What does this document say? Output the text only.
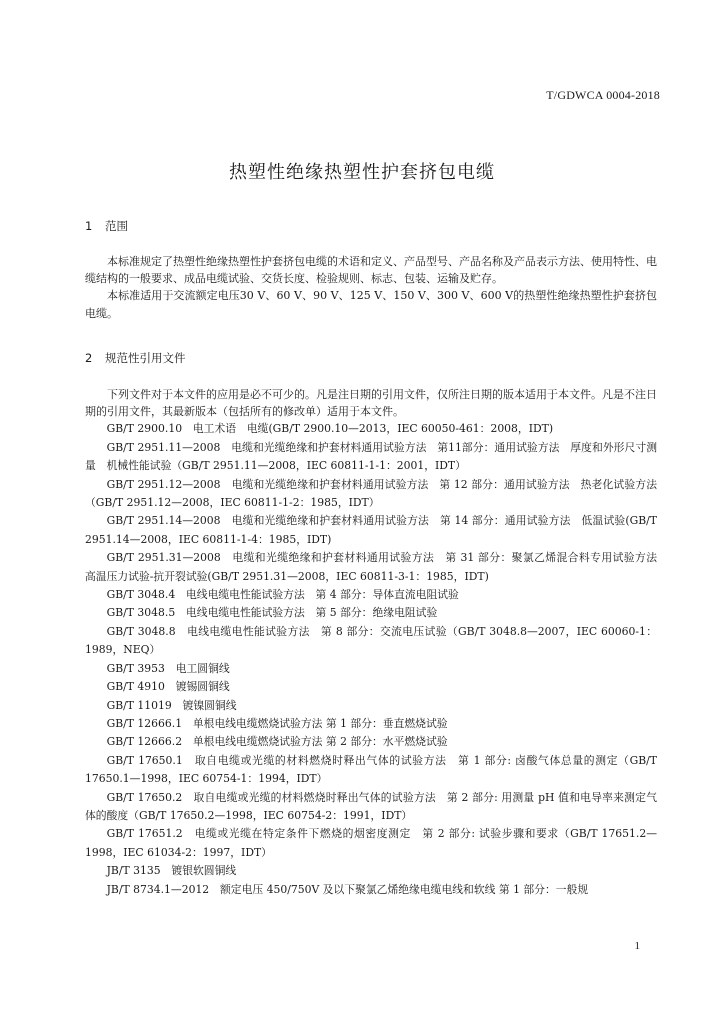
T/GDWCA 0004-2018
热塑性绝缘热塑性护套挤包电缆
1 范围

本标准规定了热塑性绝缘热塑性护套挤包电缆的术语和定义、产品型号、产品名称及产品表示方法、使用特性、电缆结构的一般要求、成品电缆试验、交货长度、检验规则、标志、包装、运输及贮存。

本标准适用于交流额定电压30 V、60 V、90 V、125 V、150 V、300 V、600 V的热塑性绝缘热塑性护套挤包电缆。

2 规范性引用文件

下列文件对于本文件的应用是必不可少的。凡是注日期的引用文件，仅所注日期的版本适用于本文件。凡是不注日期的引用文件，其最新版本（包括所有的修改单）适用于本文件。

GB/T 2900.10　电工术语　电缆(GB/T 2900.10—2013，IEC 60050-461：2008，IDT)

GB/T 2951.11—2008　电缆和光缆绝缘和护套材料通用试验方法　第11部分：通用试验方法　厚度和外形尺寸测量　机械性能试验（GB/T 2951.11—2008，IEC 60811-1-1：2001，IDT）

GB/T 2951.12—2008　电缆和光缆绝缘和护套材料通用试验方法　第 12 部分：通用试验方法　热老化试验方法（GB/T 2951.12—2008，IEC 60811-1-2：1985，IDT）

GB/T 2951.14—2008　电缆和光缆绝缘和护套材料通用试验方法　第 14 部分：通用试验方法　低温试验(GB/T 2951.14—2008，IEC 60811-1-4：1985，IDT)

GB/T 2951.31—2008　电缆和光缆绝缘和护套材料通用试验方法　第 31 部分：聚氯乙烯混合料专用试验方法　高温压力试验-抗开裂试验(GB/T 2951.31—2008，IEC 60811-3-1：1985，IDT)

GB/T 3048.4　电线电缆电性能试验方法　第 4 部分：导体直流电阻试验

GB/T 3048.5　电线电缆电性能试验方法　第 5 部分：绝缘电阻试验

GB/T 3048.8　电线电缆电性能试验方法　第 8 部分：交流电压试验（GB/T 3048.8—2007，IEC 60060-1：1989，NEQ）

GB/T 3953　电工圆铜线

GB/T 4910　镀锡圆铜线

GB/T 11019　镀镍圆铜线

GB/T 12666.1　单根电线电缆燃烧试验方法 第 1 部分：垂直燃烧试验

GB/T 12666.2　单根电线电缆燃烧试验方法 第 2 部分：水平燃烧试验

GB/T 17650.1　取自电缆或光缆的材料燃烧时释出气体的试验方法　第 1 部分: 卤酸气体总量的测定（GB/T 17650.1—1998，IEC 60754-1：1994，IDT）

GB/T 17650.2　取自电缆或光缆的材料燃烧时释出气体的试验方法　第 2 部分: 用测量 pH 值和电导率来测定气体的酸度（GB/T 17650.2—1998，IEC 60754-2：1991，IDT）

GB/T 17651.2　电缆或光缆在特定条件下燃烧的烟密度测定　第 2 部分: 试验步骤和要求（GB/T 17651.2—1998，IEC 61034-2：1997，IDT）

JB/T 3135　镀银软圆铜线

JB/T 8734.1—2012　额定电压 450/750V 及以下聚氯乙烯绝缘电缆电线和软线 第 1 部分：一般规

1
